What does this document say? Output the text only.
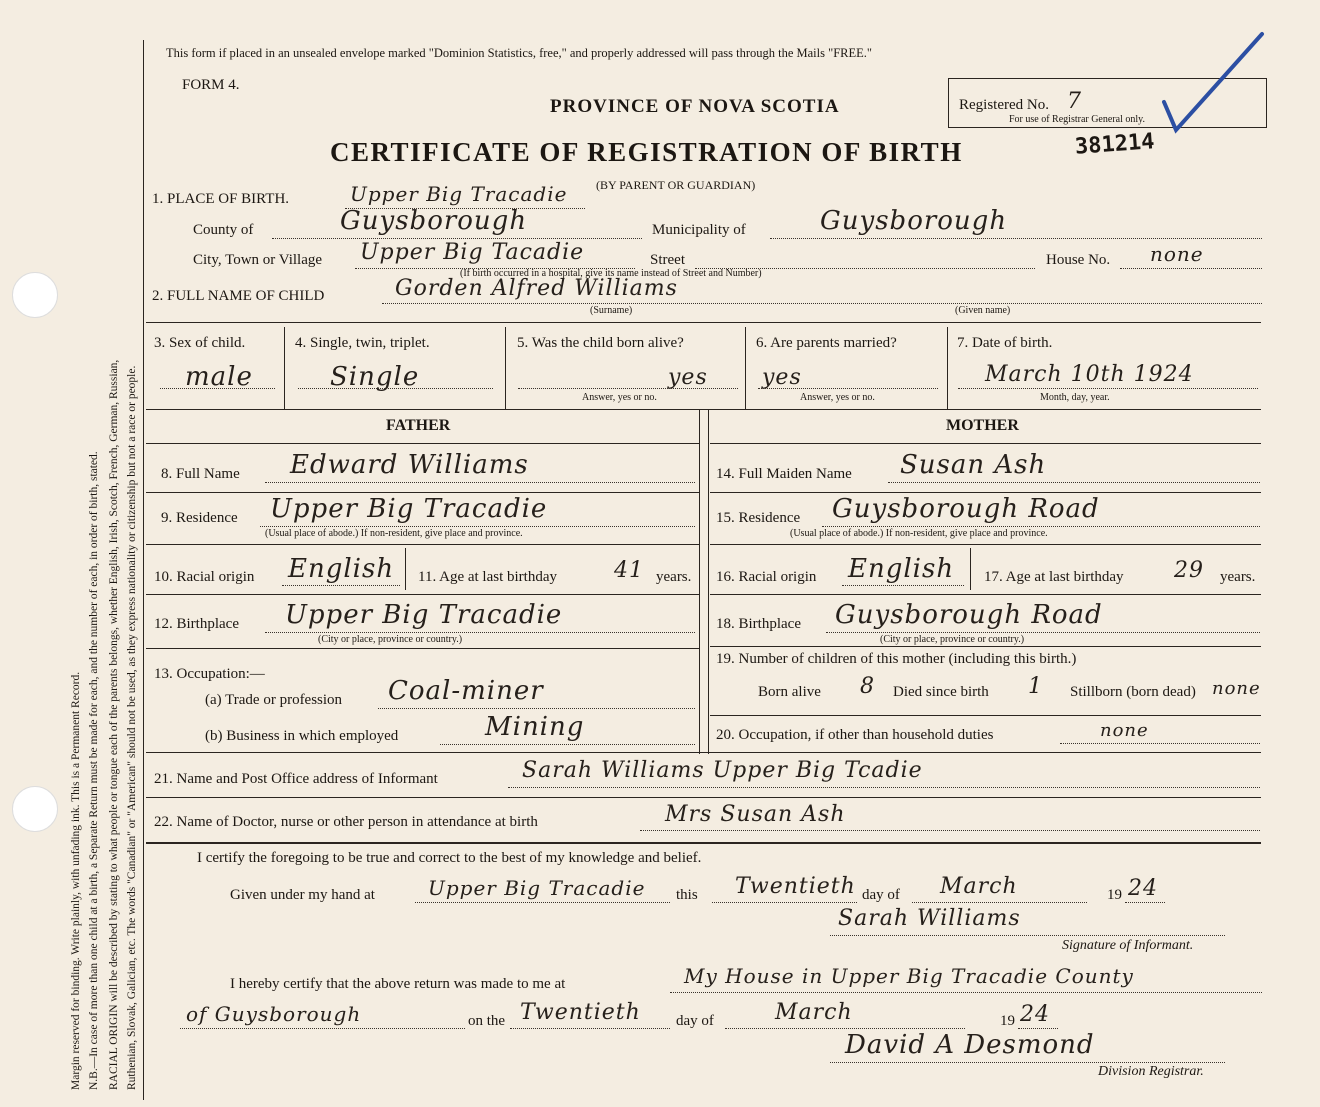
Margin reserved for binding. Write plainly, with unfading ink. This is a Permanent Record. N.B.—In case of more than one child at a birth, a Separate Return must be made for each, and the number of each, in order of birth, stated. RACIAL ORIGIN will be described by stating to what people or tongue each of the parents belongs, whether English, Irish, Scotch, French, German, Russian, Ruthenian, Slovak, Galician, etc. The words "Canadian" or "American" should not be used, as they express nationality or citizenship but not a race or people.
This form if placed in an unsealed envelope marked "Dominion Statistics, free," and properly addressed will pass through the Mails "FREE."
FORM 4.
PROVINCE OF NOVA SCOTIA	Registered No. 7
For use of Registrar General only.
CERTIFICATE OF REGISTRATION OF BIRTH	381214
(BY PARENT OR GUARDIAN)
1. PLACE OF BIRTH.	Upper Big Tracadie
County of	Guysborough	Municipality of	Guysborough
City, Town or Village Upper Big Tacadie	Street	House No. none
(If birth occurred in a hospital, give its name instead of Street and Number)
2. FULL NAME OF CHILD	Gorden Alfred Williams
(Surname)	(Given name)
3. Sex of child.
male
4. Single, twin, triplet.
Single
5. Was the child born alive?
yes
Answer, yes or no.
6. Are parents married?
yes
Answer, yes or no.
7. Date of birth.
March 10th 1924
Month, day, year.
FATHER	MOTHER
8. Full Name Edward Williams
9. Residence Upper Big Tracadie
(Usual place of abode.) If non-resident, give place and province.
10. Racial origin English 11. Age at last birthday	41 years.
12. Birthplace Upper Big Tracadie
(City or place, province or country.)
13. Occupation:—
(a) Trade or profession Coal-miner
(b) Business in which employed	Mining
14. Full Maiden Name Susan Ash
15. Residence Guysborough Road
(Usual place of abode.) If non-resident, give place and province.
16. Racial origin English 17. Age at last birthday 29 years.
18. Birthplace Guysborough Road
(City or place, province or country.)
19. Number of children of this mother (including this birth.)
Born alive 8 Died since birth 1 Stillborn (born dead) none
20. Occupation, if other than household duties	none
21. Name and Post Office address of Informant	Sarah Williams Upper Big Tcadie
22. Name of Doctor, nurse or other person in attendance at birth	Mrs Susan Ash
I certify the foregoing to be true and correct to the best of my knowledge and belief.
Given under my hand at	Upper Big Tracadie this Twentieth day of March	19 24
Sarah Williams
Signature of Informant.
I hereby certify that the above return was made to me at	My House in Upper Big Tracadie County
of Guysborough	on the Twentieth day of	March	19 24
David A Desmond
Division Registrar.
